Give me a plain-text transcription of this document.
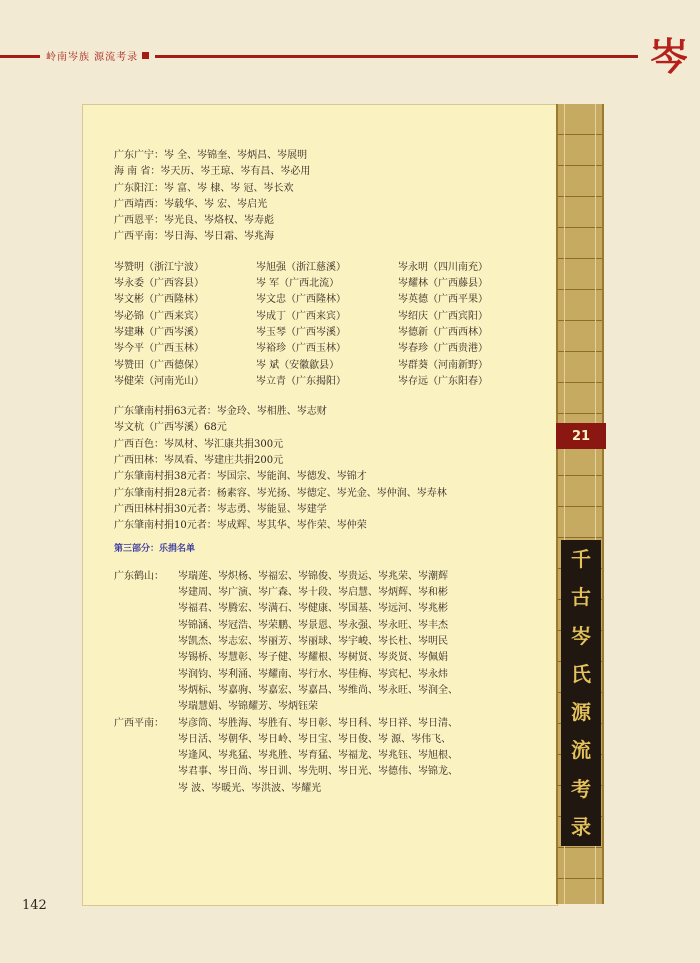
岭南岑族 源流考录	岑
21
千
古
岑
氏
源
流
考
录
广东广宁：岑 全、岑锦奎、岑炳昌、岑展明
海 南 省：岑天历、岑王琼、岑有昌、岑必用
广东阳江：岑 富、岑 棣、岑 冠、岑长欢
广西靖西：岑载华、岑 宏、岑启光
广西恩平：岑光良、岑烙权、岑寿彪
广西平南：岑日海、岑日霜、岑兆海
岑赞明（浙江宁波）	岑旭强（浙江慈溪）	岑永明（四川南充）
岑永委（广西容县）	岑 军（广西北流）	岑耀林（广西藤县）
岑文彬（广西隆林）	岑文忠（广西隆林）	岑英德（广西平果）
岑必锦（广西来宾）	岑成丁（广西来宾）	岑绍庆（广西宾阳）
岑建琳（广西岑溪）	岑玉琴（广西岑溪）	岑德新（广西西林）
岑今平（广西玉林）	岑裕珍（广西玉林）	岑春珍（广西贵港）
岑赞田（广西德保）	岑 斌（安徽歙县）	岑群葵（河南新野）
岑健荣（河南光山）	岑立青（广东揭阳）	岑存远（广东阳春）
广东肇南村捐63元者：岑金玲、岑相胜、岑志财
岑文杭（广西岑溪）68元
广西百色：岑凤材、岑汇康共捐300元
广西田林：岑凤看、岑建庄共捐200元
广东肇南村捐38元者：岑国宗、岑能润、岑德发、岑锦才
广东肇南村捐28元者：杨素容、岑光扬、岑德定、岑光金、岑仲润、岑寿林
广西田林村捐30元者：岑志勇、岑能显、岑建学
广东肇南村捐10元者：岑成辉、岑其华、岑作荣、岑仲荣
第三部分：乐捐名单
广东鹤山：	岑瑞莲、岑炽杨、岑福宏、岑锦俊、岑贵运、岑兆荣、岑潮辉
岑建周、岑广演、岑广森、岑十段、岑启慧、岑炳辉、岑和彬
岑福君、岑腾宏、岑满石、岑健康、岑国基、岑远河、岑兆彬
岑锦涵、岑冠浩、岑荣鹏、岑景恩、岑永强、岑永旺、岑丰杰
岑凯杰、岑志宏、岑丽芳、岑丽球、岑宇峻、岑长杜、岑明民
岑锡桥、岑慧彰、岑子健、岑耀根、岑树贤、岑炎贤、岑佩娟
岑润钧、岑利涌、岑耀南、岑行水、岑佳梅、岑宾杞、岑永炜
岑炳标、岑嘉驹、岑嘉宏、岑嘉昌、岑维尚、岑永旺、岑润全、
岑瑞慧娟、岑锦耀芳、岑炳钰荣
广西平南：	岑彦筒、岑胜海、岑胜有、岑日彰、岑日科、岑日祥、岑日清、
岑日活、岑朝华、岑日岭、岑日宝、岑日俊、岑 源、岑伟飞、
岑逢风、岑兆猛、岑兆胜、岑育猛、岑福龙、岑兆钰、岑旭根、
岑君事、岑日尚、岑日训、岑先明、岑日光、岑德伟、岑锦龙、
岑 波、岑暖光、岑洪波、岑耀光
142
